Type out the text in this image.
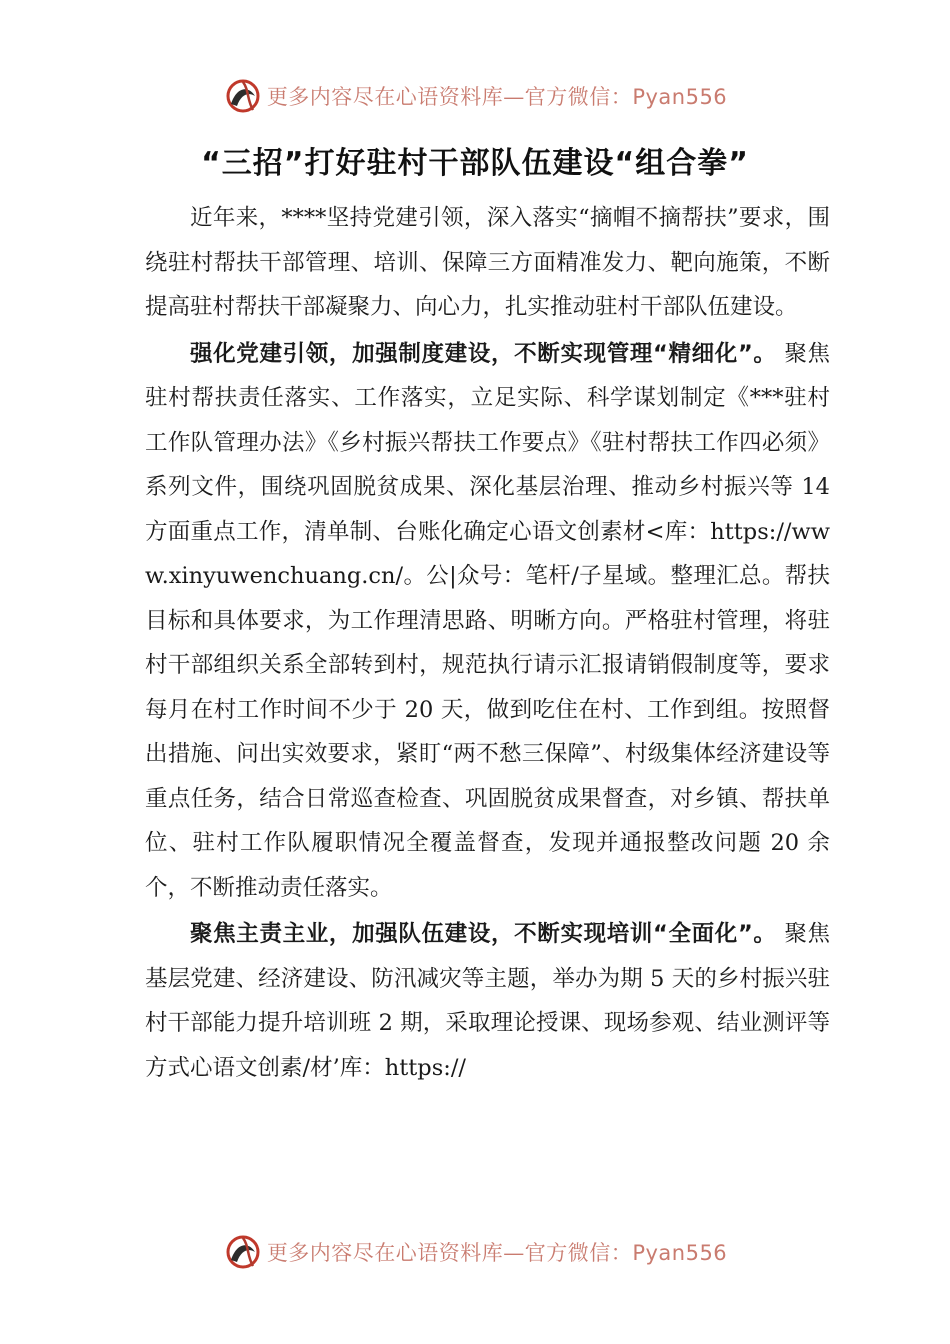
更多内容尽在心语资料库—官方微信：Pyan556
“三招”打好驻村干部队伍建设“组合拳”

近年来，****坚持党建引领，深入落实“摘帽不摘帮扶”要求，围绕驻村帮扶干部管理、培训、保障三方面精准发力、靶向施策，不断提高驻村帮扶干部凝聚力、向心力，扎实推动驻村干部队伍建设。

强化党建引领，加强制度建设，不断实现管理“精细化”。 聚焦驻村帮扶责任落实、工作落实，立足实际、科学谋划制定《***驻村工作队管理办法》《乡村振兴帮扶工作要点》《驻村帮扶工作四必须》系列文件，围绕巩固脱贫成果、深化基层治理、推动乡村振兴等 14 方面重点工作，清单制、台账化确定心语文创素材<库：https://www.xinyuwenchuang.cn/。公|众号：笔杆/子星域。整理汇总。帮扶目标和具体要求，为工作理清思路、明晰方向。严格驻村管理，将驻村干部组织关系全部转到村，规范执行请示汇报请销假制度等，要求每月在村工作时间不少于 20 天，做到吃住在村、工作到组。按照督出措施、问出实效要求，紧盯“两不愁三保障”、村级集体经济建设等重点任务，结合日常巡查检查、巩固脱贫成果督查，对乡镇、帮扶单位、驻村工作队履职情况全覆盖督查，发现并通报整改问题 20 余个，不断推动责任落实。

聚焦主责主业，加强队伍建设，不断实现培训“全面化”。 聚焦基层党建、经济建设、防汛减灾等主题，举办为期 5 天的乡村振兴驻村干部能力提升培训班 2 期，采取理论授课、现场参观、结业测评等方式心语文创素/材’库：https://

更多内容尽在心语资料库—官方微信：Pyan556
